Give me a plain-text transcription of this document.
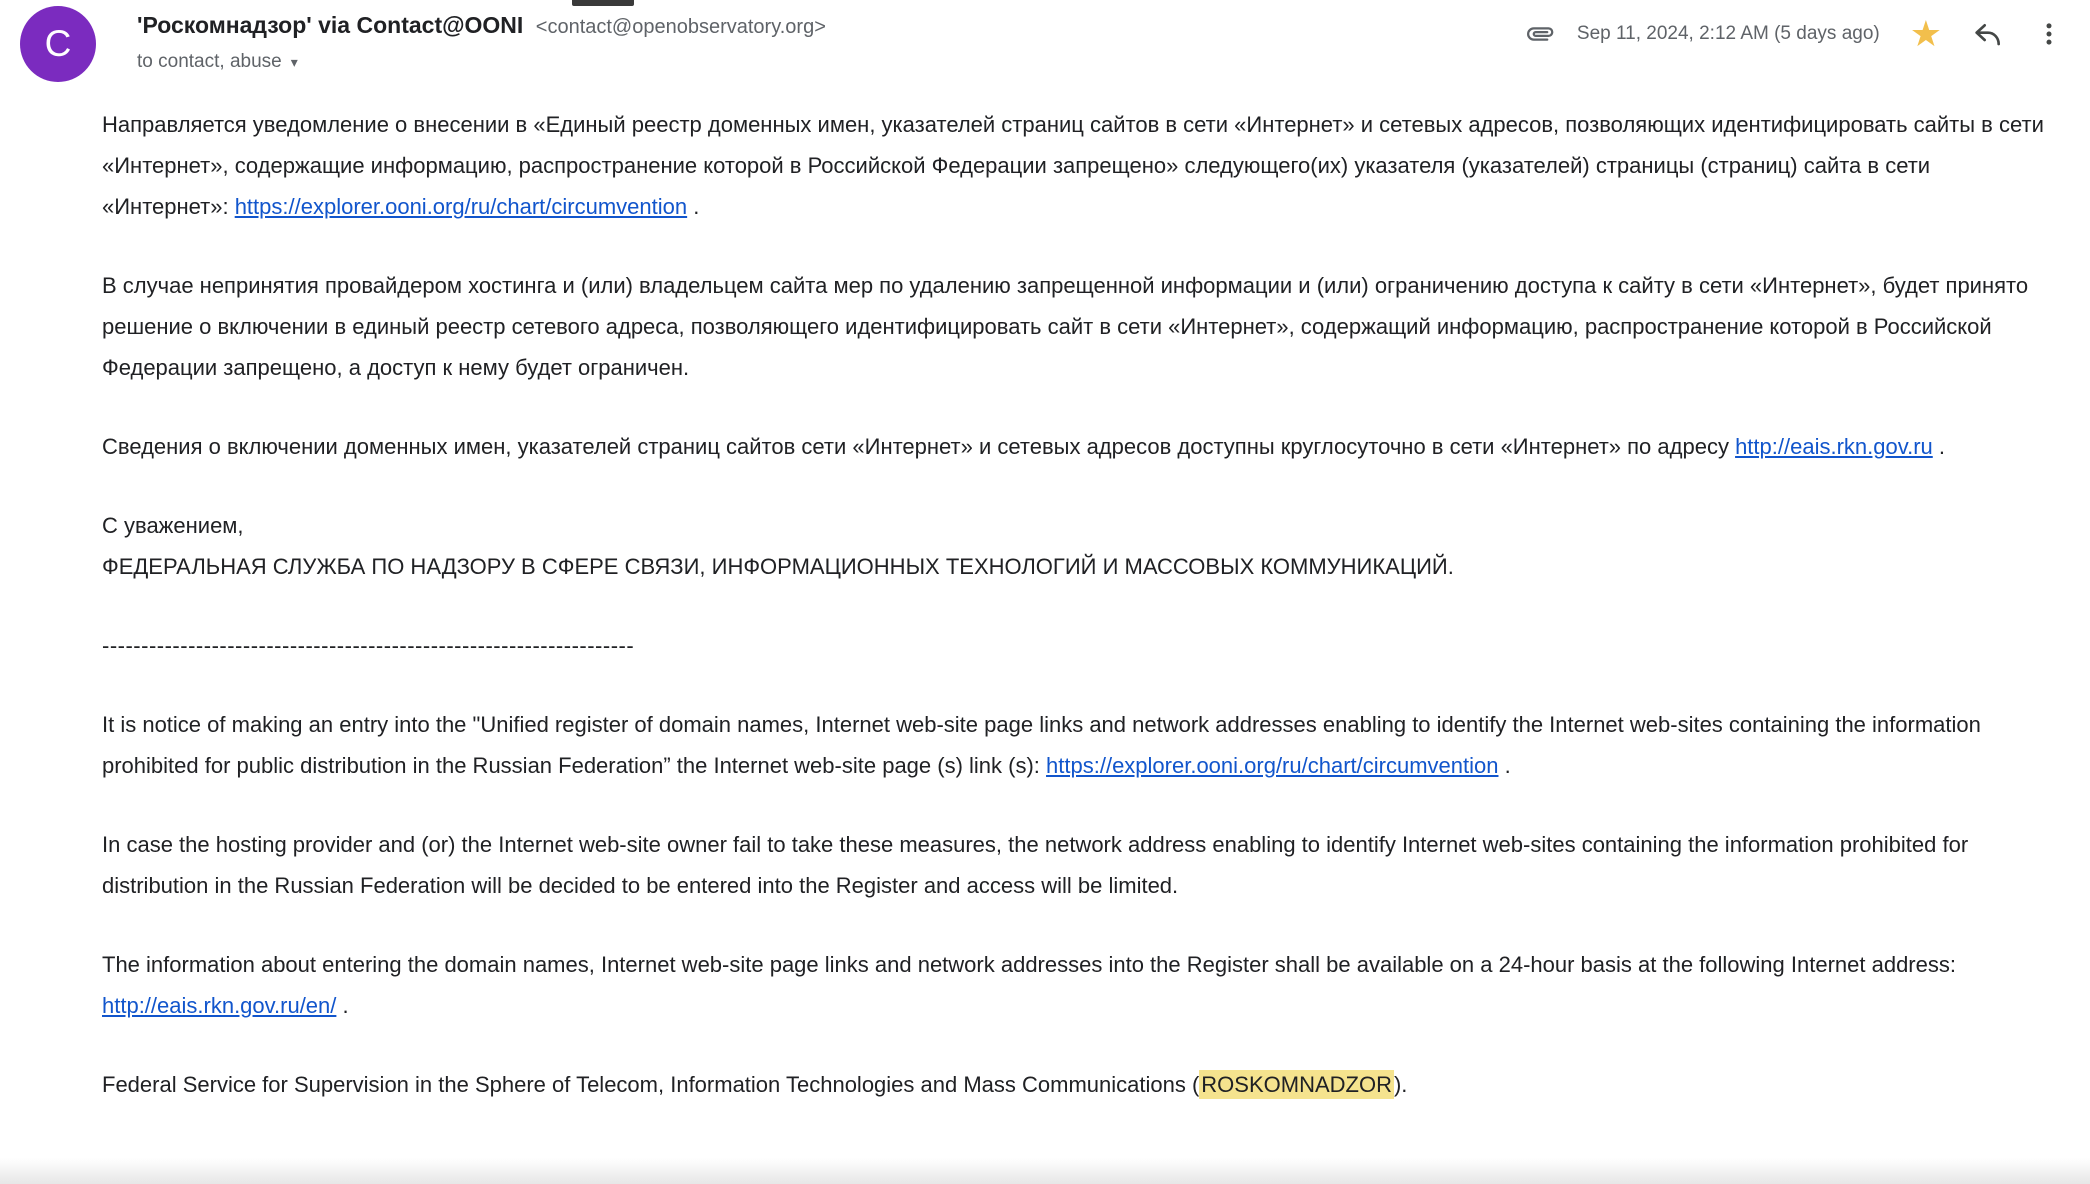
C	'Роскомнадзор' via Contact@OONI <contact@openobservatory.org>
to contact, abuse ▾
Sep 11, 2024, 2:12 AM (5 days ago) ★

Направляется уведомление о внесении в «Единый реестр доменных имен, указателей страниц сайтов в сети «Интернет» и сетевых адресов, позволяющих идентифицировать сайты в сети «Интернет», содержащие информацию, распространение которой в Российской Федерации запрещено» следующего(их) указателя (указателей) страницы (страниц) сайта в сети «Интернет»: https://explorer.ooni.org/ru/chart/circumvention .

В случае непринятия провайдером хостинга и (или) владельцем сайта мер по удалению запрещенной информации и (или) ограничению доступа к сайту в сети «Интернет», будет принято решение о включении в единый реестр сетевого адреса, позволяющего идентифицировать сайт в сети «Интернет», содержащий информацию, распространение которой в Российской Федерации запрещено, а доступ к нему будет ограничен.

Сведения о включении доменных имен, указателей страниц сайтов сети «Интернет» и сетевых адресов доступны круглосуточно в сети «Интернет» по адресу http://eais.rkn.gov.ru .

С уважением,
ФЕДЕРАЛЬНАЯ СЛУЖБА ПО НАДЗОРУ В СФЕРЕ СВЯЗИ, ИНФОРМАЦИОННЫХ ТЕХНОЛОГИЙ И МАССОВЫХ КОММУНИКАЦИЙ.

--------------------------------------------------------------------

It is notice of making an entry into the "Unified register of domain names, Internet web-site page links and network addresses enabling to identify the Internet web-sites containing the information prohibited for public distribution in the Russian Federation” the Internet web-site page (s) link (s): https://explorer.ooni.org/ru/chart/circumvention .

In case the hosting provider and (or) the Internet web-site owner fail to take these measures, the network address enabling to identify Internet web-sites containing the information prohibited for distribution in the Russian Federation will be decided to be entered into the Register and access will be limited.

The information about entering the domain names, Internet web-site page links and network addresses into the Register shall be available on a 24-hour basis at the following Internet address: http://eais.rkn.gov.ru/en/ .

Federal Service for Supervision in the Sphere of Telecom, Information Technologies and Mass Communications (ROSKOMNADZOR).
